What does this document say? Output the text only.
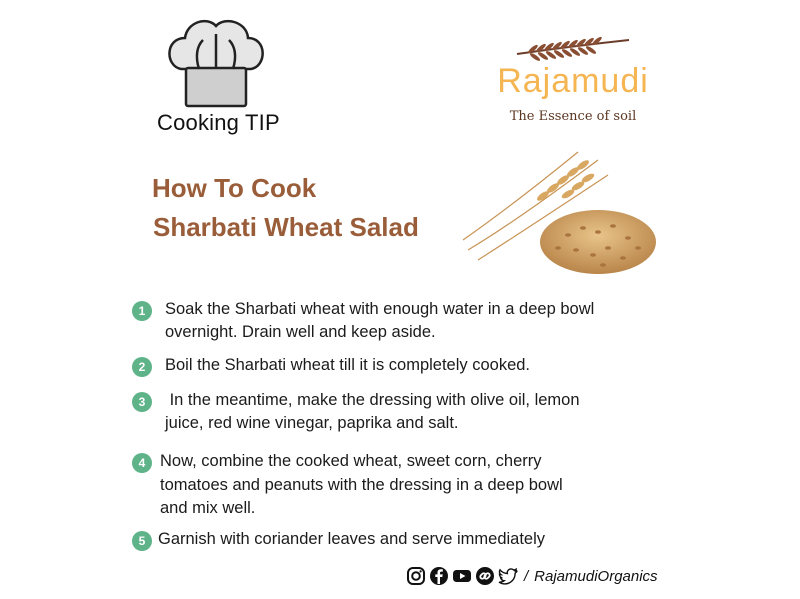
Cooking TIP
Rajamudi
The Essence of soil
How To Cook
Sharbati Wheat Salad
1	Soak the Sharbati wheat with enough water in a deep bowl
overnight. Drain well and keep aside.
2	Boil the Sharbati wheat till it is completely cooked.
3	In the meantime, make the dressing with olive oil, lemon
juice, red wine vinegar, paprika and salt.
4 Now, combine the cooked wheat, sweet corn, cherry
tomatoes and peanuts with the dressing in a deep bowl
and mix well.
5 Garnish with coriander leaves and serve immediately
/ RajamudiOrganics
